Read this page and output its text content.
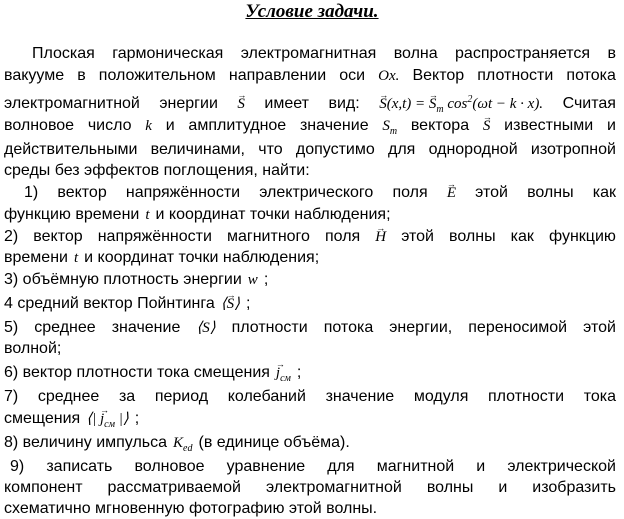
Условие задачи.
Плоская гармоническая электромагнитная волна распространяется в
вакууме в положительном направлении оси Ox. Вектор плотности потока
электромагнитной энергии → S имеет вид: → S(x,t) = → $S_m$ $\cos^2(\omega t - k \cdot x)$. Считая
волновое число k и амплитудное значение $S_m$ вектора → S известными и
действительными величинами, что допустимо для однородной изотропной
среды без эффектов поглощения, найти:
1) вектор напряжённости электрического поля → E этой волны как
функцию времени t и координат точки наблюдения;
2) вектор напряжённости магнитного поля → H этой волны как функцию
времени t и координат точки наблюдения;
3) объёмную плотность энергии w ;
4 средний вектор Пойнтинга ⟨→ S⟩ ;
5) среднее значение ⟨S⟩ плотности потока энергии, переносимой этой
волной;
6) вектор плотности тока смещения → $j_{см}$ ;
7) среднее за период колебаний значение модуля плотности тока
смещения ⟨| → $j_{см}$ |⟩ ;
8) величину импульса $K_{ed}$ (в единице объёма).
9) записать волновое уравнение для магнитной и электрической
компонент рассматриваемой электромагнитной волны и изобразить
схематично мгновенную фотографию этой волны.
